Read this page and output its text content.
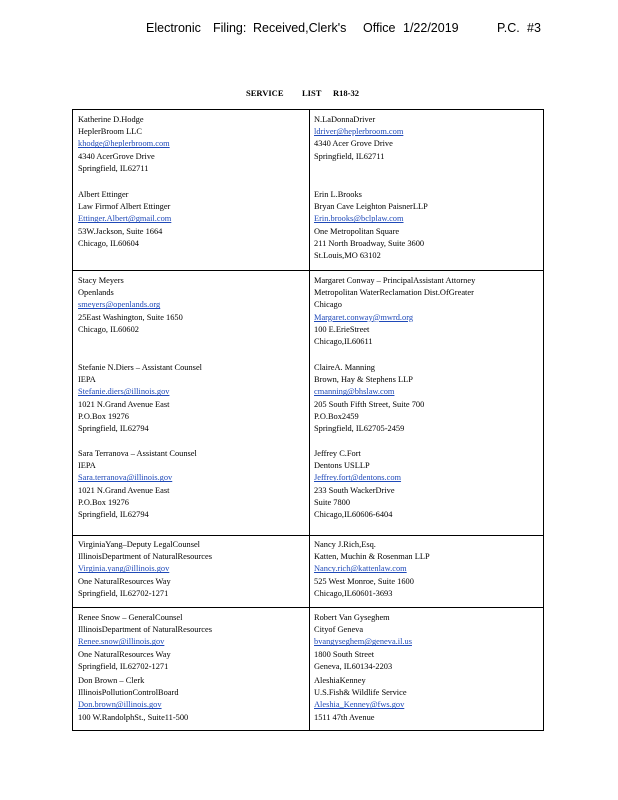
Electronic Filing: Received,Clerk's Office 1/22/2019	P.C. #3
SERVICE LIST R18-32
Katherine D.Hodge
HeplerBroom LLC
khodge@heplerbroom.com
4340 AcerGrove Drive
Springfield, IL62711
N.LaDonnaDriver
ldriver@heplerbroom.com
4340 Acer Grove Drive
Springfield, IL62711
Albert Ettinger
Law Firmof Albert Ettinger
Ettinger.Albert@gmail.com
53W.Jackson, Suite 1664
Chicago, IL60604
Erin L.Brooks
Bryan Cave Leighton PaisnerLLP
Erin.brooks@bclplaw.com
One Metropolitan Square
211 North Broadway, Suite 3600
St.Louis,MO 63102
Stacy Meyers
Openlands
smeyers@openlands.org
25East Washington, Suite 1650
Chicago, IL60602
Margaret Conway – PrincipalAssistant Attorney
Metropolitan WaterReclamation Dist.OfGreater
Chicago
Margaret.conway@mwrd.org
100 E.ErieStreet
Chicago,IL60611
Stefanie N.Diers – Assistant Counsel
IEPA
Stefanie.diers@illinois.gov
1021 N.Grand Avenue East
P.O.Box 19276
Springfield, IL62794
ClaireA. Manning
Brown, Hay & Stephens LLP
cmanning@bhslaw.com
205 South Fifth Street, Suite 700
P.O.Box2459
Springfield, IL62705-2459
Sara Terranova – Assistant Counsel
IEPA
Sara.terranova@illinois.gov
1021 N.Grand Avenue East
P.O.Box 19276
Springfield, IL62794
Jeffrey C.Fort
Dentons USLLP
Jeffrey.fort@dentons.com
233 South WackerDrive
Suite 7800
Chicago,IL60606-6404
VirginiaYang–Deputy LegalCounsel
IllinoisDepartment of NaturalResources
Virginia.yang@illinois.gov
One NaturalResources Way
Springfield, IL62702-1271
Nancy J.Rich,Esq.
Katten, Muchin & Rosenman LLP
Nancy.rich@kattenlaw.com
525 West Monroe, Suite 1600
Chicago,IL60601-3693
Renee Snow – GeneralCounsel
IllinoisDepartment of NaturalResources
Renee.snow@illinois.gov
One NaturalResources Way
Springfield, IL62702-1271
Robert Van Gyseghem
Cityof Geneva
bvangyseghem@geneva.il.us
1800 South Street
Geneva, IL60134-2203
Don Brown – Clerk
IllinoisPollutionControlBoard
Don.brown@illinois.gov
100 W.RandolphSt., Suite11-500
AleshiaKenney
U.S.Fish& Wildlife Service
Aleshia_Kenney@fws.gov
1511 47th Avenue
